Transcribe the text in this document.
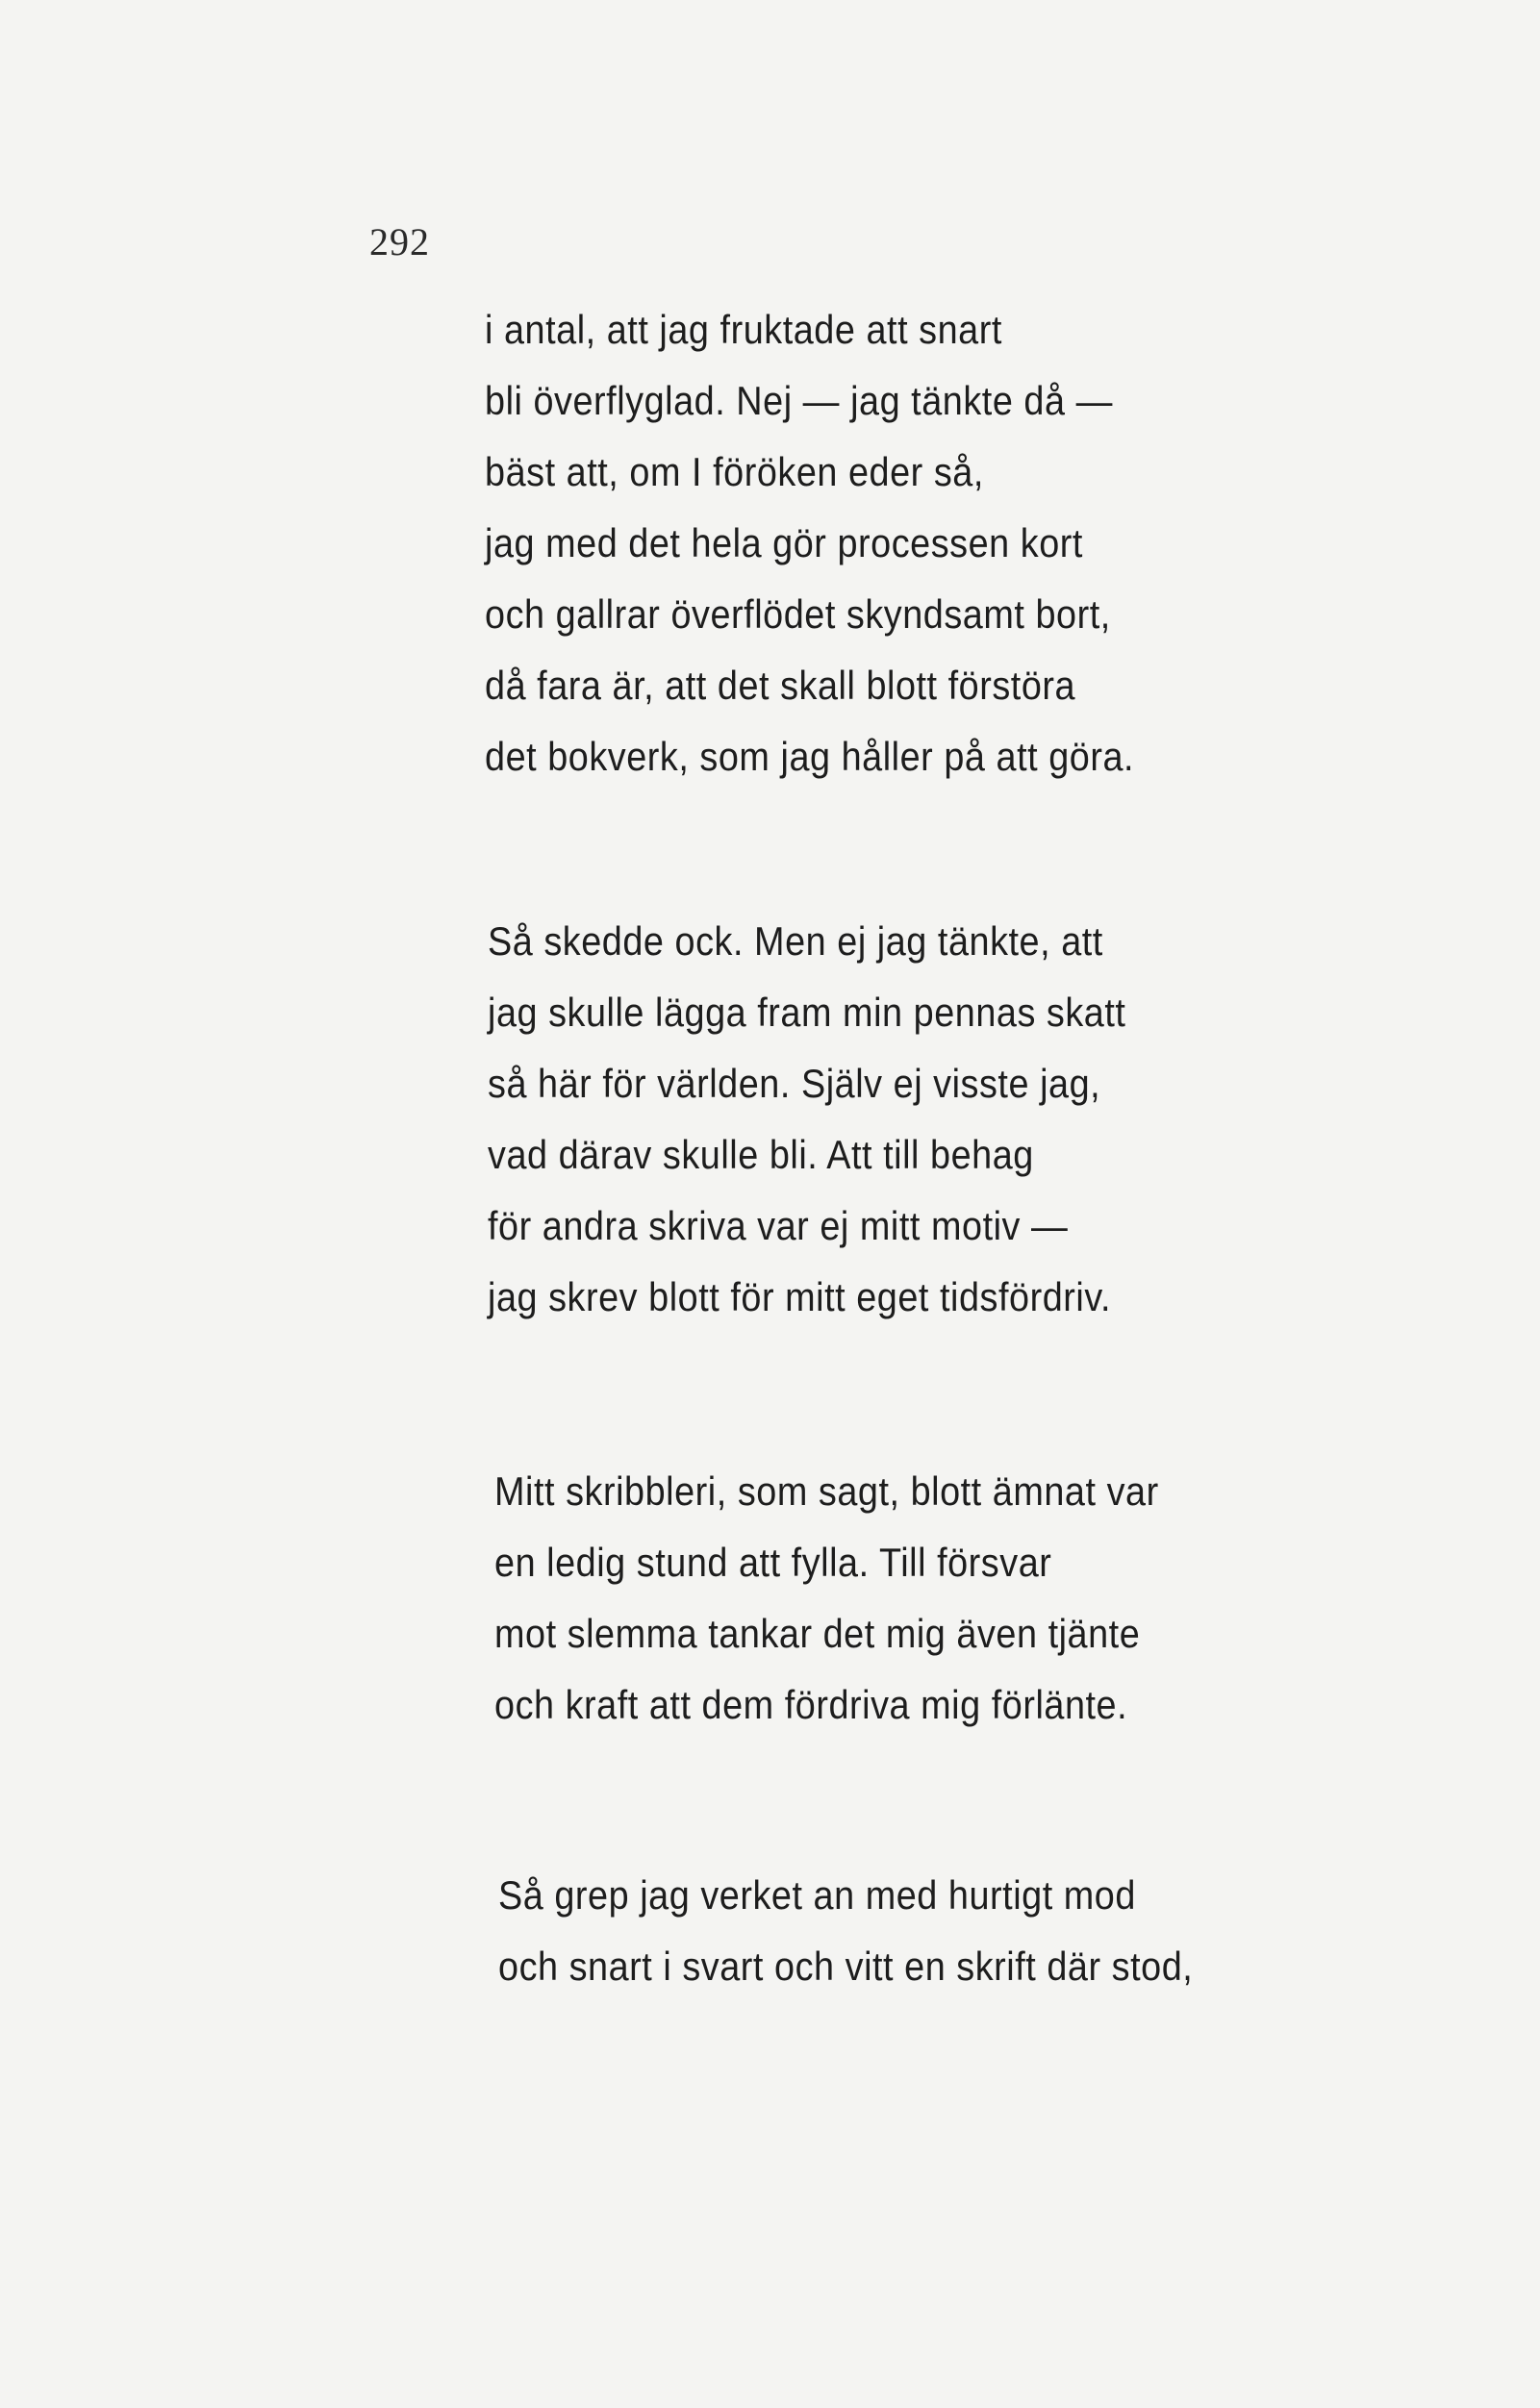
292
i antal, att jag fruktade att snart
bli överflyglad. Nej — jag tänkte då —
bäst att, om I föröken eder så,
jag med det hela gör processen kort
och gallrar överflödet skyndsamt bort,
då fara är, att det skall blott förstöra
det bokverk, som jag håller på att göra.
Så skedde ock. Men ej jag tänkte, att
jag skulle lägga fram min pennas skatt
så här för världen. Själv ej visste jag,
vad därav skulle bli. Att till behag
för andra skriva var ej mitt motiv —
jag skrev blott för mitt eget tidsfördriv.
Mitt skribbleri, som sagt, blott ämnat var
en ledig stund att fylla. Till försvar
mot slemma tankar det mig även tjänte
och kraft att dem fördriva mig förlänte.
Så grep jag verket an med hurtigt mod
och snart i svart och vitt en skrift där stod,
